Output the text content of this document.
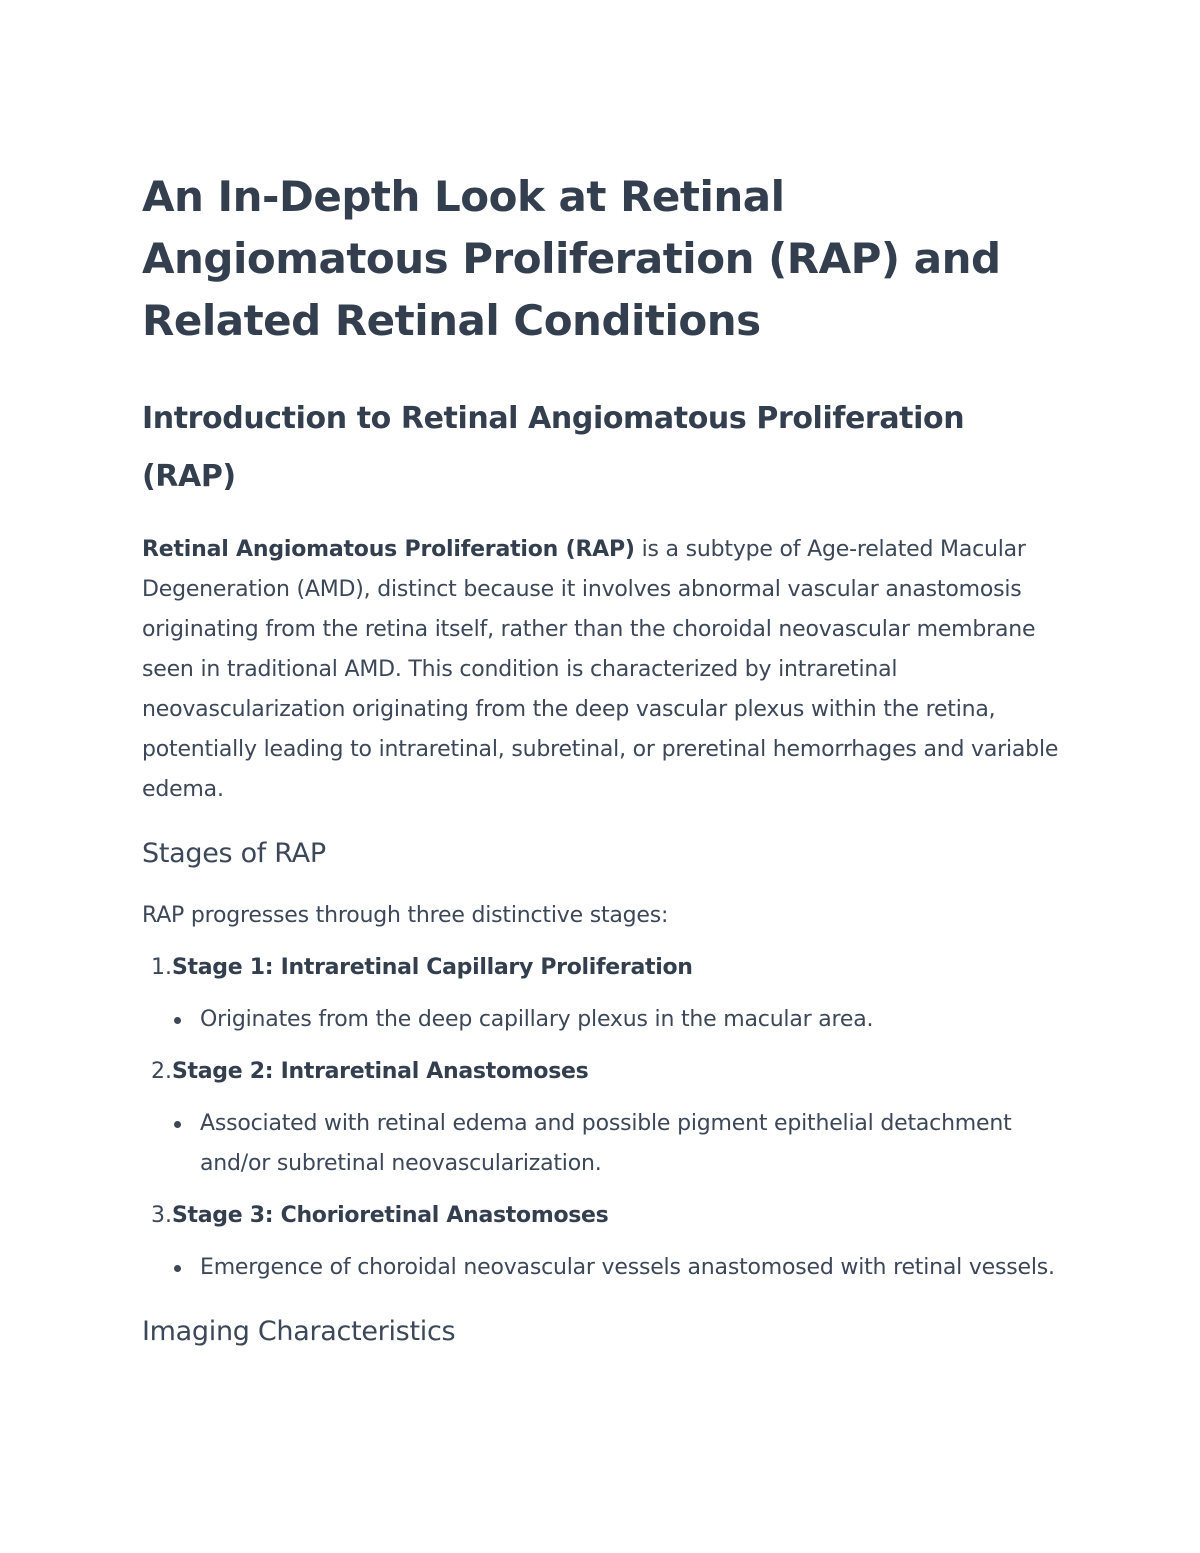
An In-Depth Look at Retinal Angiomatous Proliferation (RAP) and Related Retinal Conditions
Introduction to Retinal Angiomatous Proliferation (RAP)

Retinal Angiomatous Proliferation (RAP) is a subtype of Age-related Macular Degeneration (AMD), distinct because it involves abnormal vascular anastomosis originating from the retina itself, rather than the choroidal neovascular membrane seen in traditional AMD. This condition is characterized by intraretinal neovascularization originating from the deep vascular plexus within the retina, potentially leading to intraretinal, subretinal, or preretinal hemorrhages and variable edema.

Stages of RAP

RAP progresses through three distinctive stages:

1. Stage 1: Intraretinal Capillary Proliferation
Originates from the deep capillary plexus in the macular area.
2. Stage 2: Intraretinal Anastomoses
Associated with retinal edema and possible pigment epithelial detachment and/or subretinal neovascularization.
3. Stage 3: Chorioretinal Anastomoses
Emergence of choroidal neovascular vessels anastomosed with retinal vessels.
Imaging Characteristics
